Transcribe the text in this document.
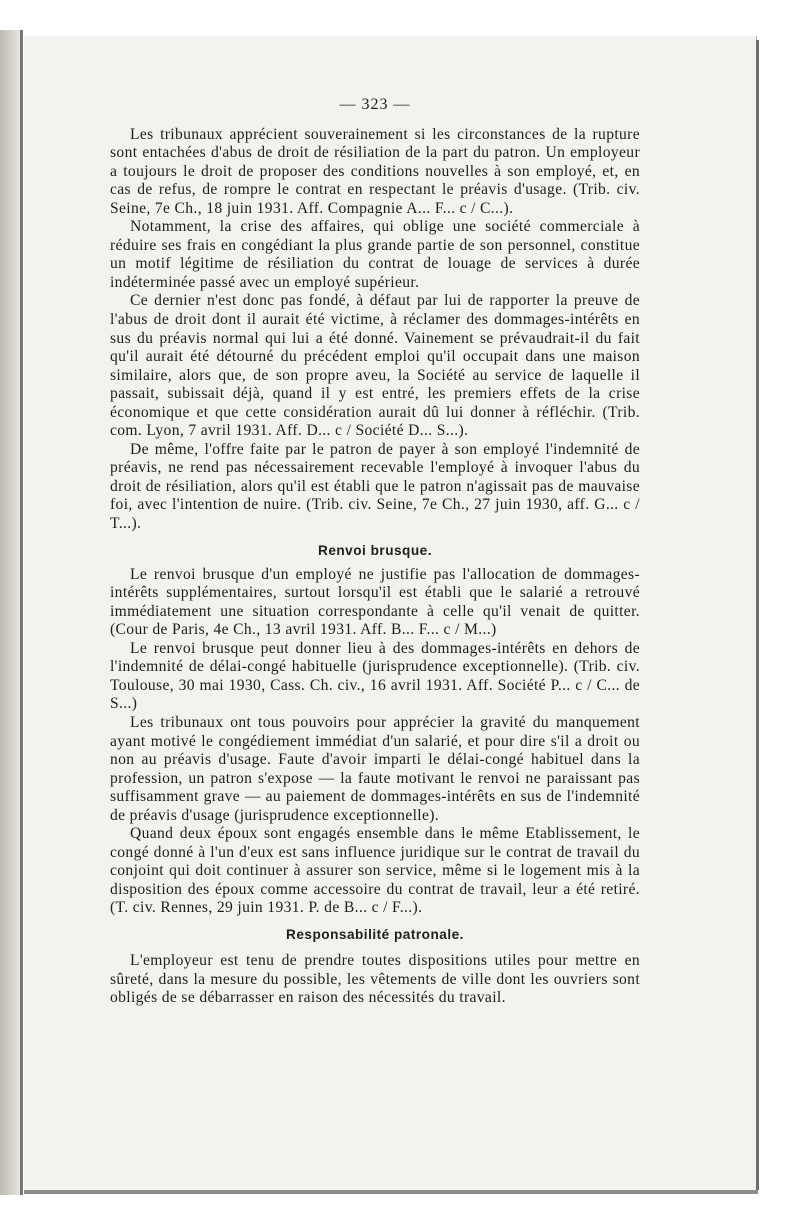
— 323 —

Les tribunaux apprécient souverainement si les circonstances de la rupture sont entachées d'abus de droit de résiliation de la part du patron. Un employeur a toujours le droit de proposer des conditions nouvelles à son employé, et, en cas de refus, de rompre le contrat en respectant le préavis d'usage. (Trib. civ. Seine, 7e Ch., 18 juin 1931. Aff. Compagnie A... F... c / C...).

Notamment, la crise des affaires, qui oblige une société commerciale à réduire ses frais en congédiant la plus grande partie de son personnel, constitue un motif légitime de résiliation du contrat de louage de services à durée indéterminée passé avec un employé supérieur.

Ce dernier n'est donc pas fondé, à défaut par lui de rapporter la preuve de l'abus de droit dont il aurait été victime, à réclamer des dommages-intérêts en sus du préavis normal qui lui a été donné. Vainement se prévaudrait-il du fait qu'il aurait été détourné du précédent emploi qu'il occupait dans une maison similaire, alors que, de son propre aveu, la Société au service de laquelle il passait, subissait déjà, quand il y est entré, les premiers effets de la crise économique et que cette considération aurait dû lui donner à réfléchir. (Trib. com. Lyon, 7 avril 1931. Aff. D... c / Société D... S...).

De même, l'offre faite par le patron de payer à son employé l'indemnité de préavis, ne rend pas nécessairement recevable l'employé à invoquer l'abus du droit de résiliation, alors qu'il est établi que le patron n'agissait pas de mauvaise foi, avec l'intention de nuire. (Trib. civ. Seine, 7e Ch., 27 juin 1930, aff. G... c / T...).

Renvoi brusque.

Le renvoi brusque d'un employé ne justifie pas l'allocation de dommages-intérêts supplémentaires, surtout lorsqu'il est établi que le salarié a retrouvé immédiatement une situation correspondante à celle qu'il venait de quitter. (Cour de Paris, 4e Ch., 13 avril 1931. Aff. B... F... c / M...)

Le renvoi brusque peut donner lieu à des dommages-intérêts en dehors de l'indemnité de délai-congé habituelle (jurisprudence exceptionnelle). (Trib. civ. Toulouse, 30 mai 1930, Cass. Ch. civ., 16 avril 1931. Aff. Société P... c / C... de S...)

Les tribunaux ont tous pouvoirs pour apprécier la gravité du manquement ayant motivé le congédiement immédiat d'un salarié, et pour dire s'il a droit ou non au préavis d'usage. Faute d'avoir imparti le délai-congé habituel dans la profession, un patron s'expose — la faute motivant le renvoi ne paraissant pas suffisamment grave — au paiement de dommages-intérêts en sus de l'indemnité de préavis d'usage (jurisprudence exceptionnelle).

Quand deux époux sont engagés ensemble dans le même Etablissement, le congé donné à l'un d'eux est sans influence juridique sur le contrat de travail du conjoint qui doit continuer à assurer son service, même si le logement mis à la disposition des époux comme accessoire du contrat de travail, leur a été retiré. (T. civ. Rennes, 29 juin 1931. P. de B... c / F...).

Responsabilité patronale.

L'employeur est tenu de prendre toutes dispositions utiles pour mettre en sûreté, dans la mesure du possible, les vêtements de ville dont les ouvriers sont obligés de se débarrasser en raison des nécessités du travail.
